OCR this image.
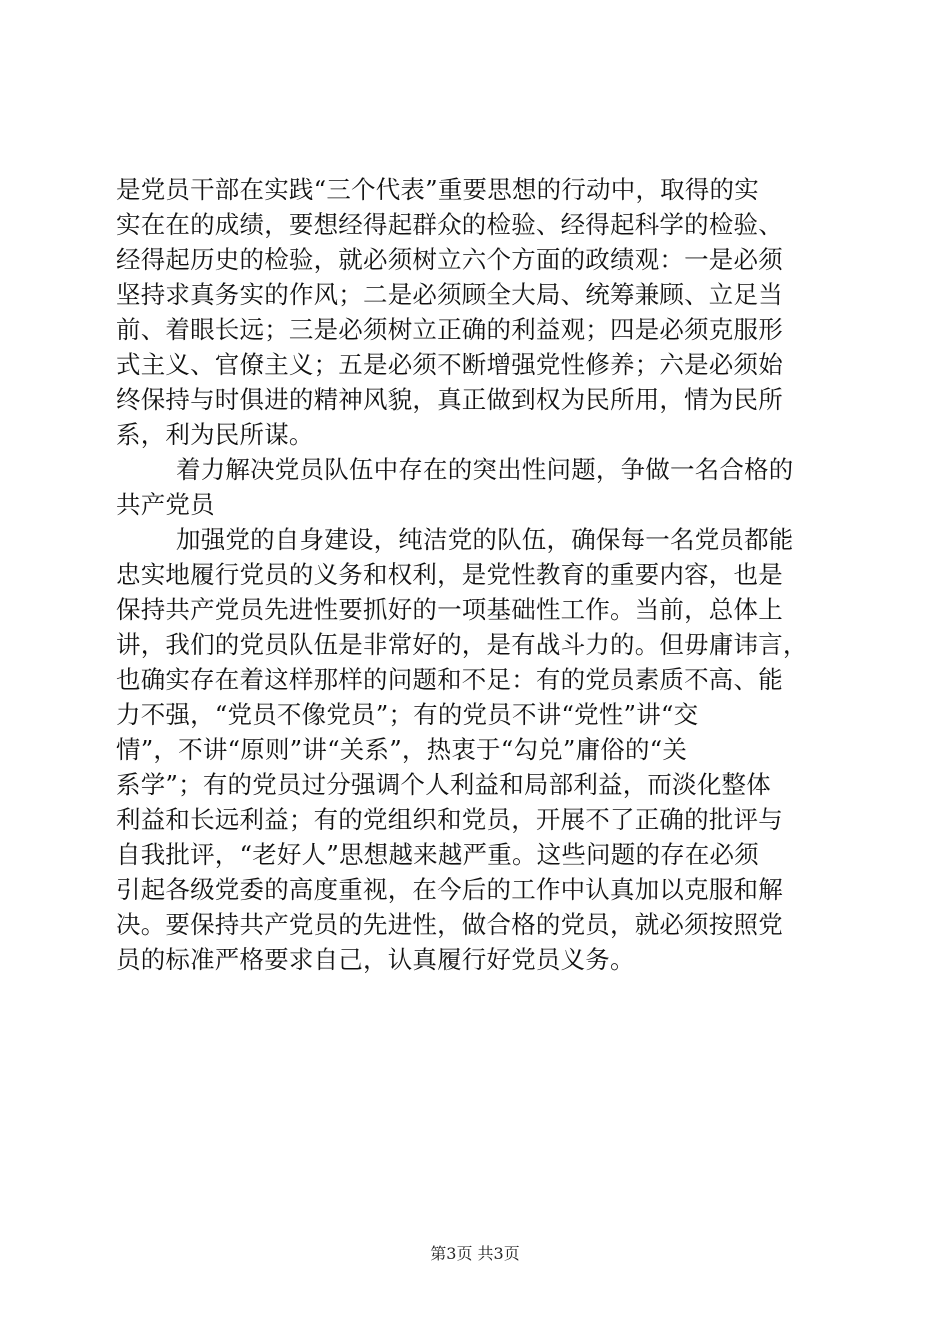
是党员干部在实践“三个代表”重要思想的行动中，取得的实
实在在的成绩，要想经得起群众的检验、经得起科学的检验、
经得起历史的检验，就必须树立六个方面的政绩观：一是必须
坚持求真务实的作风；二是必须顾全大局、统筹兼顾、立足当
前、着眼长远；三是必须树立正确的利益观；四是必须克服形
式主义、官僚主义；五是必须不断增强党性修养；六是必须始
终保持与时俱进的精神风貌，真正做到权为民所用，情为民所
系，利为民所谋。
着力解决党员队伍中存在的突出性问题，争做一名合格的
共产党员
加强党的自身建设，纯洁党的队伍，确保每一名党员都能
忠实地履行党员的义务和权利，是党性教育的重要内容，也是
保持共产党员先进性要抓好的一项基础性工作。当前，总体上
讲，我们的党员队伍是非常好的，是有战斗力的。但毋庸讳言，
也确实存在着这样那样的问题和不足：有的党员素质不高、能
力不强，“党员不像党员”；有的党员不讲“党性”讲“交
情”，不讲“原则”讲“关系”，热衷于“勾兑”庸俗的“关
系学”；有的党员过分强调个人利益和局部利益，而淡化整体
利益和长远利益；有的党组织和党员，开展不了正确的批评与
自我批评，“老好人”思想越来越严重。这些问题的存在必须
引起各级党委的高度重视，在今后的工作中认真加以克服和解
决。要保持共产党员的先进性，做合格的党员，就必须按照党
员的标准严格要求自己，认真履行好党员义务。
第3页 共3页
